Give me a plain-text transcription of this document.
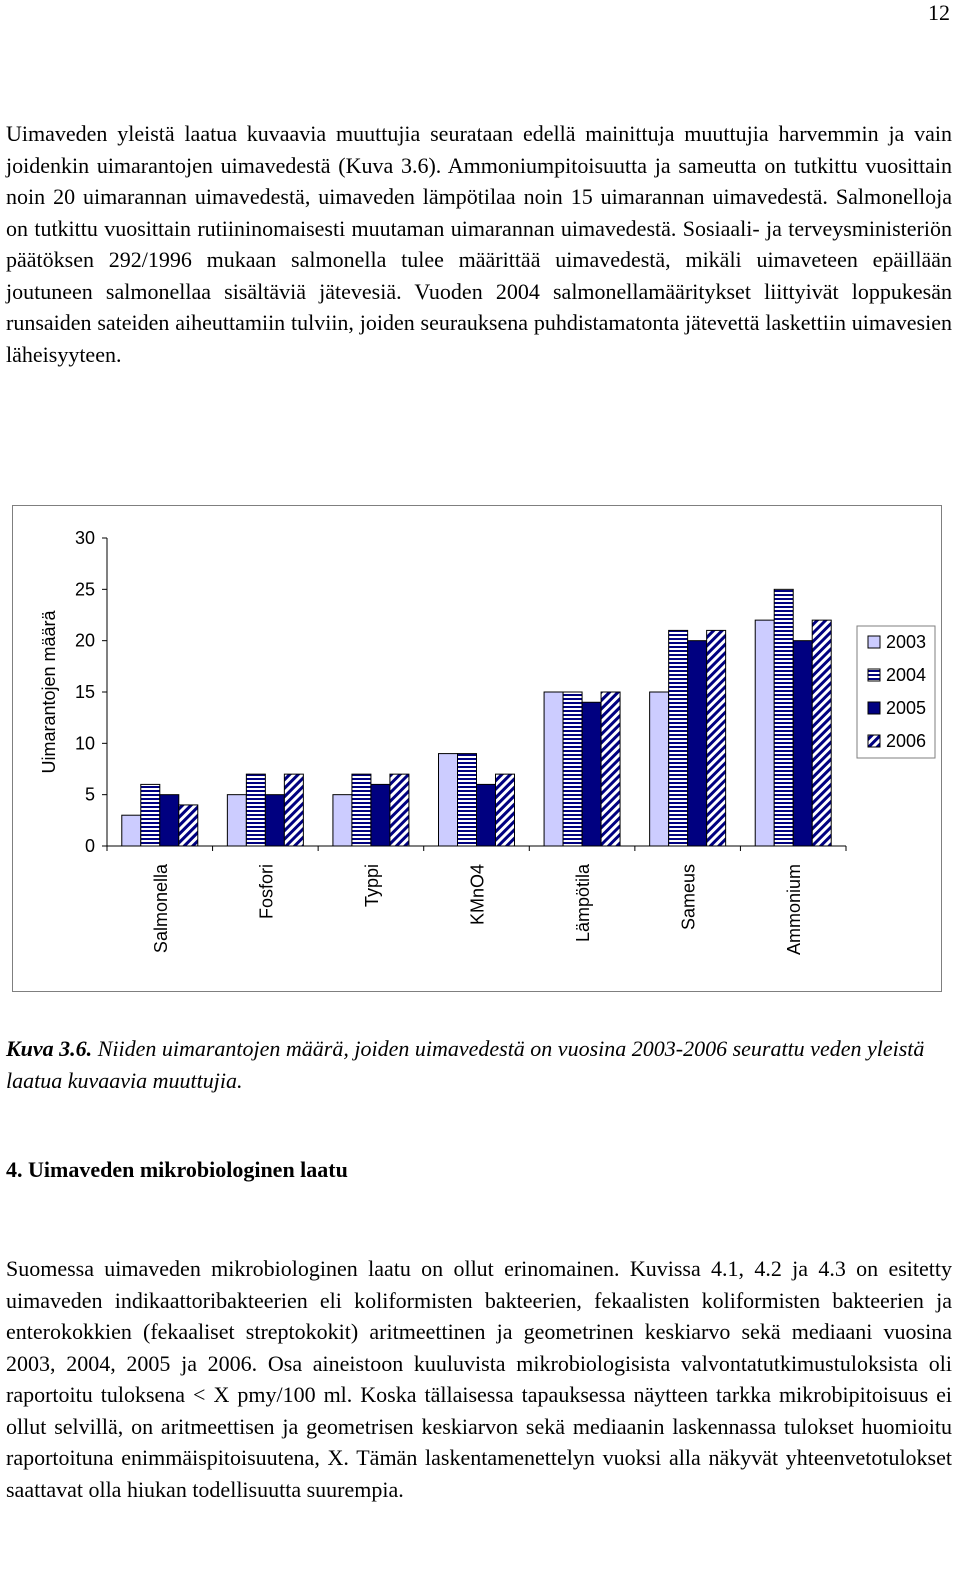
12

Uimaveden yleistä laatua kuvaavia muuttujia seurataan edellä mainittuja muuttujia harvemmin ja vain joidenkin uimarantojen uimavedestä (Kuva 3.6). Ammoniumpitoisuutta ja sameutta on tutkittu vuosittain noin 20 uimarannan uimavedestä, uimaveden lämpötilaa noin 15 uimarannan uimavedestä. Salmonelloja on tutkittu vuosittain rutiininomaisesti muutaman uimarannan uimavedestä. Sosiaali- ja terveysministeriön päätöksen 292/1996 mukaan salmonella tulee määrittää uimavedestä, mikäli uimaveteen epäillään joutuneen salmonellaa sisältäviä jätevesiä. Vuoden 2004 salmonellamääritykset liittyivät loppukesän runsaiden sateiden aiheuttamiin tulviin, joiden seurauksena puhdistamatonta jätevettä laskettiin uimavesien läheisyyteen.

0
5
10
15
20
25
30
Uimarantojen määrä
Salmonella	Fosfori	Typpi	KMnO4	Lämpötila	Sameus	Ammonium
2003
2004
2005
2006

Kuva 3.6. Niiden uimarantojen määrä, joiden uimavedestä on vuosina 2003-2006 seurattu veden yleistä laatua kuvaavia muuttujia.

4. Uimaveden mikrobiologinen laatu

Suomessa uimaveden mikrobiologinen laatu on ollut erinomainen. Kuvissa 4.1, 4.2 ja 4.3 on esitetty uimaveden indikaattoribakteerien eli koliformisten bakteerien, fekaalisten koliformisten bakteerien ja enterokokkien (fekaaliset streptokokit) aritmeettinen ja geometrinen keskiarvo sekä mediaani vuosina 2003, 2004, 2005 ja 2006. Osa aineistoon kuuluvista mikrobiologisista valvontatutkimustuloksista oli raportoitu tuloksena < X pmy/100 ml. Koska tällaisessa tapauksessa näytteen tarkka mikrobipitoisuus ei ollut selvillä, on aritmeettisen ja geometrisen keskiarvon sekä mediaanin laskennassa tulokset huomioitu raportoituna enimmäispitoisuutena, X. Tämän laskentamenettelyn vuoksi alla näkyvät yhteenvetotulokset saattavat olla hiukan todellisuutta suurempia.
